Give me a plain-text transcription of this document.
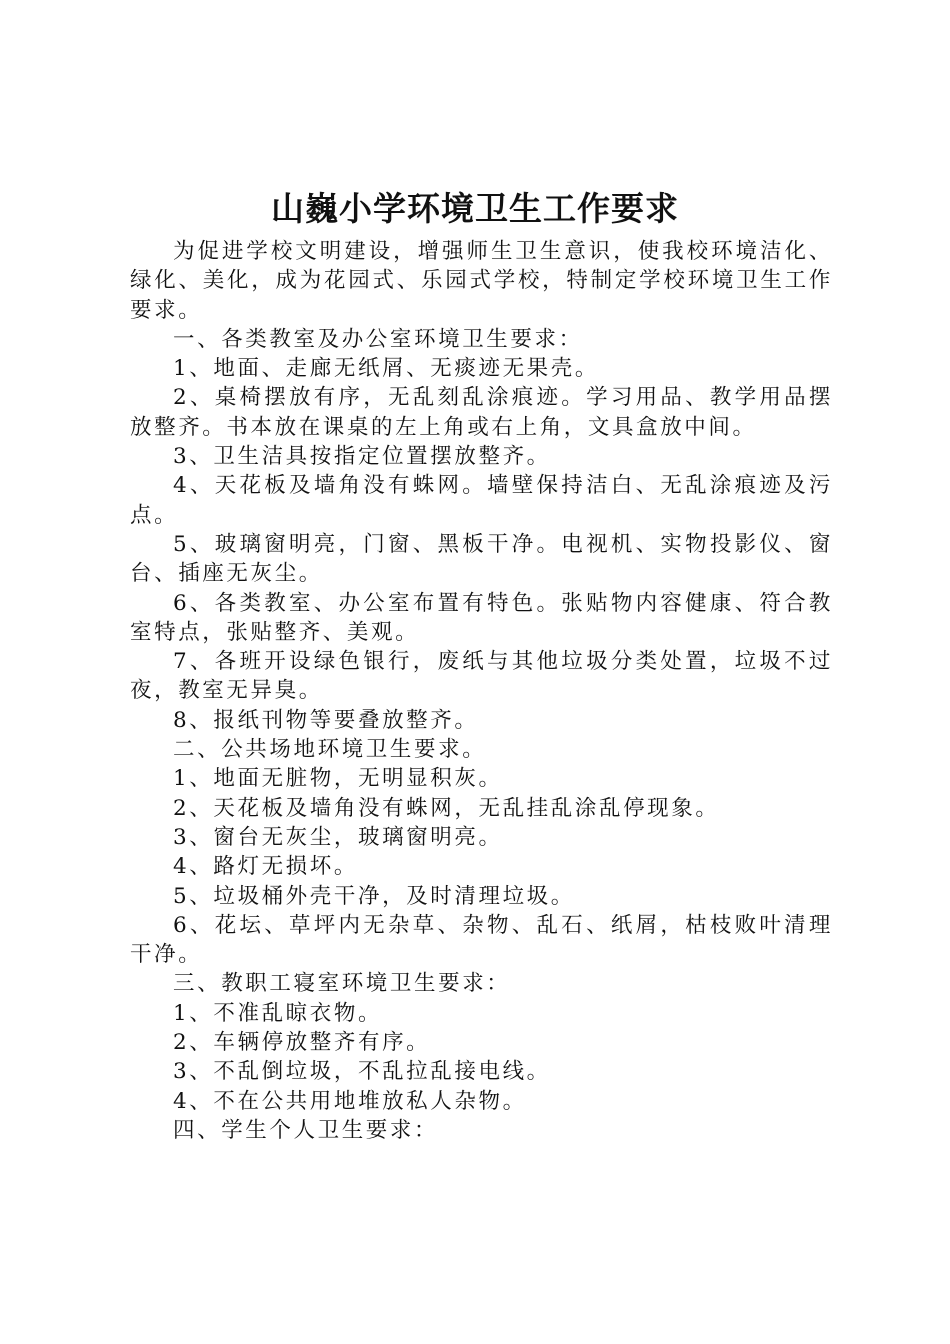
山巍小学环境卫生工作要求

为促进学校文明建设，增强师生卫生意识，使我校环境洁化、绿化、美化，成为花园式、乐园式学校，特制定学校环境卫生工作要求。

一、各类教室及办公室环境卫生要求：

1、地面、走廊无纸屑、无痰迹无果壳。

2、桌椅摆放有序，无乱刻乱涂痕迹。学习用品、教学用品摆放整齐。书本放在课桌的左上角或右上角，文具盒放中间。

3、卫生洁具按指定位置摆放整齐。

4、天花板及墙角没有蛛网。墙壁保持洁白、无乱涂痕迹及污点。

5、玻璃窗明亮，门窗、黑板干净。电视机、实物投影仪、窗台、插座无灰尘。

6、各类教室、办公室布置有特色。张贴物内容健康、符合教室特点，张贴整齐、美观。

7、各班开设绿色银行，废纸与其他垃圾分类处置，垃圾不过夜，教室无异臭。

8、报纸刊物等要叠放整齐。

二、公共场地环境卫生要求。

1、地面无脏物，无明显积灰。

2、天花板及墙角没有蛛网，无乱挂乱涂乱停现象。

3、窗台无灰尘，玻璃窗明亮。

4、路灯无损坏。

5、垃圾桶外壳干净，及时清理垃圾。

6、花坛、草坪内无杂草、杂物、乱石、纸屑，枯枝败叶清理干净。

三、教职工寝室环境卫生要求：

1、不准乱晾衣物。

2、车辆停放整齐有序。

3、不乱倒垃圾，不乱拉乱接电线。

4、不在公共用地堆放私人杂物。

四、学生个人卫生要求：
